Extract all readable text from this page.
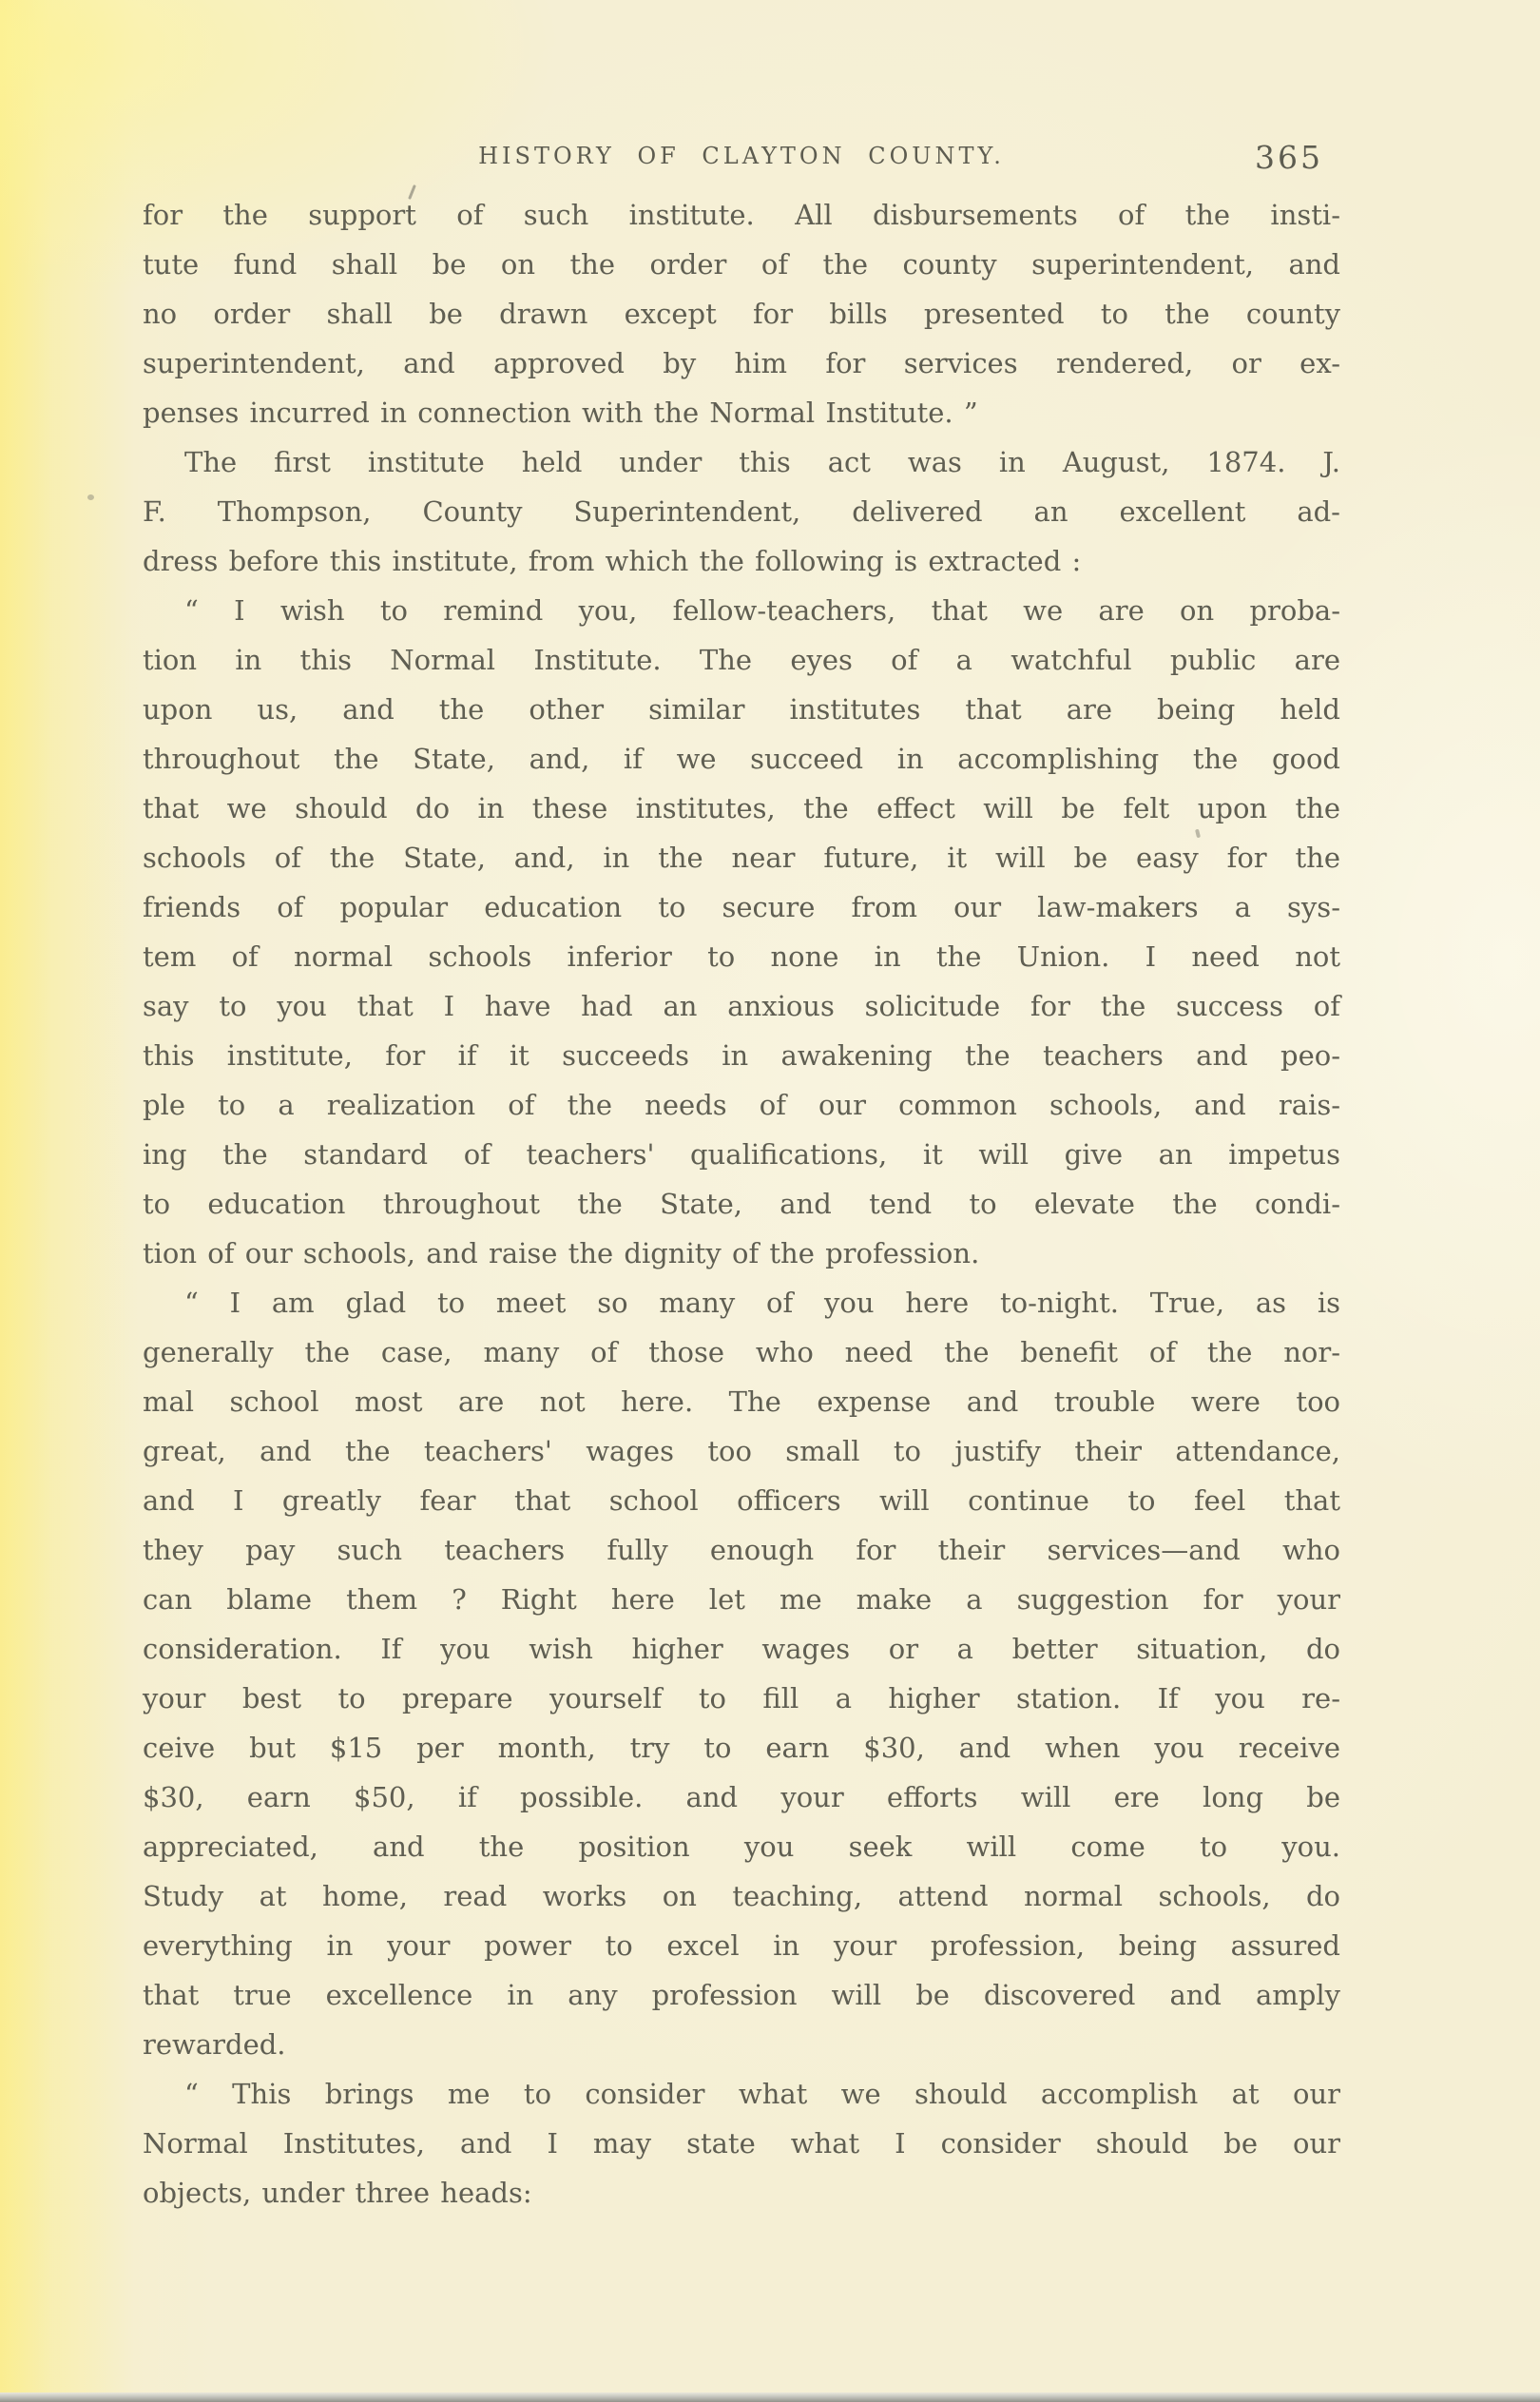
HISTORY OF CLAYTON COUNTY.	365
for the support of such institute. All disbursements of the insti-
tute fund shall be on the order of the county superintendent, and
no order shall be drawn except for bills presented to the county
superintendent, and approved by him for services rendered, or ex-
penses incurred in connection with the Normal Institute. ”
The first institute held under this act was in August, 1874. J.
F. Thompson, County Superintendent, delivered an excellent ad-
dress before this institute, from which the following is extracted :
“ I wish to remind you, fellow-teachers, that we are on proba-
tion in this Normal Institute. The eyes of a watchful public are
upon us, and the other similar institutes that are being held
throughout the State, and, if we succeed in accomplishing the good
that we should do in these institutes, the effect will be felt upon the
schools of the State, and, in the near future, it will be easy for the
friends of popular education to secure from our law-makers a sys-
tem of normal schools inferior to none in the Union. I need not
say to you that I have had an anxious solicitude for the success of
this institute, for if it succeeds in awakening the teachers and peo-
ple to a realization of the needs of our common schools, and rais-
ing the standard of teachers' qualifications, it will give an impetus
to education throughout the State, and tend to elevate the condi-
tion of our schools, and raise the dignity of the profession.
“ I am glad to meet so many of you here to-night. True, as is
generally the case, many of those who need the benefit of the nor-
mal school most are not here. The expense and trouble were too
great, and the teachers' wages too small to justify their attendance,
and I greatly fear that school officers will continue to feel that
they pay such teachers fully enough for their services—and who
can blame them ? Right here let me make a suggestion for your
consideration. If you wish higher wages or a better situation, do
your best to prepare yourself to fill a higher station. If you re-
ceive but $15 per month, try to earn $30, and when you receive
$30, earn $50, if possible. and your efforts will ere long be
appreciated, and the position you seek will come to you.
Study at home, read works on teaching, attend normal schools, do
everything in your power to excel in your profession, being assured
that true excellence in any profession will be discovered and amply
rewarded.
“ This brings me to consider what we should accomplish at our
Normal Institutes, and I may state what I consider should be our
objects, under three heads:
